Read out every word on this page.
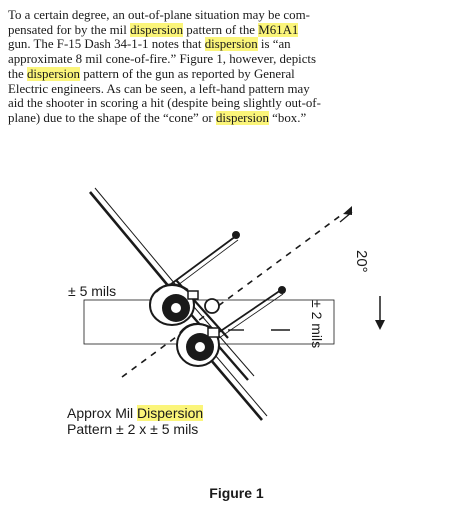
To a certain degree, an out-of-plane situation may be com-
pensated for by the mil dispersion pattern of the M61A1
gun. The F-15 Dash 34-1-1 notes that dispersion is “an
approximate 8 mil cone-of-fire.” Figure 1, however, depicts
the dispersion pattern of the gun as reported by General
Electric engineers. As can be seen, a left-hand pattern may
aid the shooter in scoring a hit (despite being slightly out-of-
plane) due to the shape of the “cone” or dispersion “box.”
± 5 mils
± 2 mils
20°
Approx Mil Dispersion
Pattern ± 2 x ± 5 mils
Figure 1
